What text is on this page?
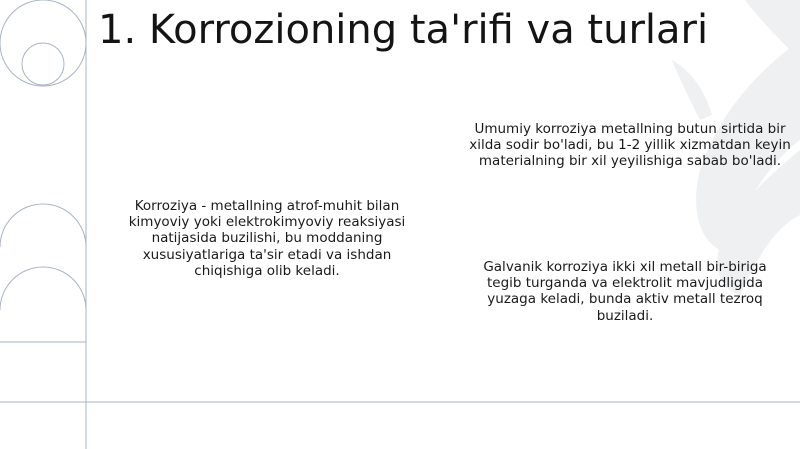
1. Korrozioning ta'rifi va turlari

Korroziya - metallning atrof-muhit bilan kimyoviy yoki elektrokimyoviy reaksiyasi natijasida buzilishi, bu moddaning xususiyatlariga ta'sir etadi va ishdan chiqishiga olib keladi.

Umumiy korroziya metallning butun sirtida bir xilda sodir bo'ladi, bu 1-2 yillik xizmatdan keyin materialning bir xil yeyilishiga sabab bo'ladi.

Galvanik korroziya ikki xil metall bir-biriga tegib turganda va elektrolit mavjudligida yuzaga keladi, bunda aktiv metall tezroq buziladi.
